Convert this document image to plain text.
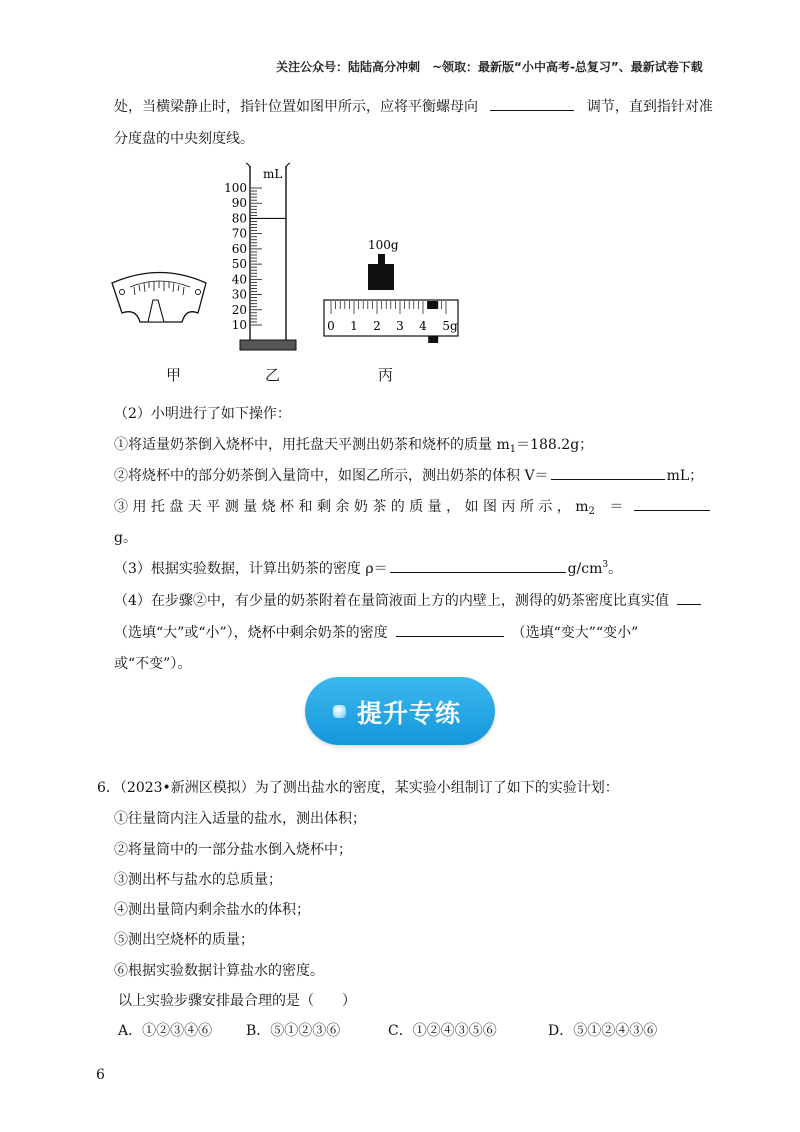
关注公众号：陆陆高分冲刺　~领取：最新版“小中高考-总复习”、最新试卷下载
处，当横梁静止时，指针位置如图甲所示，应将平衡螺母向	调节，直到指针对准
分度盘的中央刻度线。
mL
100
90
80
70
60
50
40
30
20
10
100g
0 1 2 3 4 5g
甲	乙	丙
（2）小明进行了如下操作：
①将适量奶茶倒入烧杯中，用托盘天平测出奶茶和烧杯的质量 $m_1=188.2g$；
②将烧杯中的部分奶茶倒入量筒中，如图乙所示，测出奶茶的体积 V＝	mL；
③ 用 托 盘 天 平 测 量 烧 杯 和 剩 余 奶 茶 的 质 量 ， 如 图 丙 所 示 ， $m_2$ ＝
g。
（3）根据实验数据，计算出奶茶的密度 ρ＝	$g/cm^3$。
（4）在步骤②中，有少量的奶茶附着在量筒液面上方的内壁上，测得的奶茶密度比真实值
（选填“大”或“小”），烧杯中剩余奶茶的密度	（选填“变大”“变小”
或“不变”）。
提升专练
6．（2023•新洲区模拟）为了测出盐水的密度，某实验小组制订了如下的实验计划：
①往量筒内注入适量的盐水，测出体积；
②将量筒中的一部分盐水倒入烧杯中；
③测出杯与盐水的总质量；
④测出量筒内剩余盐水的体积；
⑤测出空烧杯的质量；
⑥根据实验数据计算盐水的密度。
以上实验步骤安排最合理的是（　　）
A．①②③④⑥ B．⑤①②③⑥	C．①②④③⑤⑥	D．⑤①②④③⑥
6
